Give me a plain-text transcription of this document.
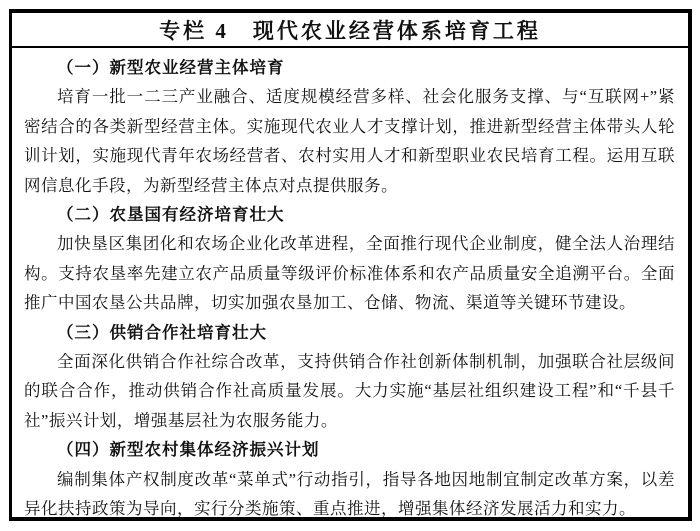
专栏 4　现代农业经营体系培育工程

（一）新型农业经营主体培育

培育一批一二三产业融合、适度规模经营多样、社会化服务支撑、与“互联网+”紧密结合的各类新型经营主体。实施现代农业人才支撑计划，推进新型经营主体带头人轮训计划，实施现代青年农场经营者、农村实用人才和新型职业农民培育工程。运用互联网信息化手段，为新型经营主体点对点提供服务。

（二）农垦国有经济培育壮大

加快垦区集团化和农场企业化改革进程，全面推行现代企业制度，健全法人治理结构。支持农垦率先建立农产品质量等级评价标准体系和农产品质量安全追溯平台。全面推广中国农垦公共品牌，切实加强农垦加工、仓储、物流、渠道等关键环节建设。

（三）供销合作社培育壮大

全面深化供销合作社综合改革，支持供销合作社创新体制机制，加强联合社层级间的联合合作，推动供销合作社高质量发展。大力实施“基层社组织建设工程”和“千县千社”振兴计划，增强基层社为农服务能力。

（四）新型农村集体经济振兴计划

编制集体产权制度改革“菜单式”行动指引，指导各地因地制宜制定改革方案，以差异化扶持政策为导向，实行分类施策、重点推进，增强集体经济发展活力和实力。
